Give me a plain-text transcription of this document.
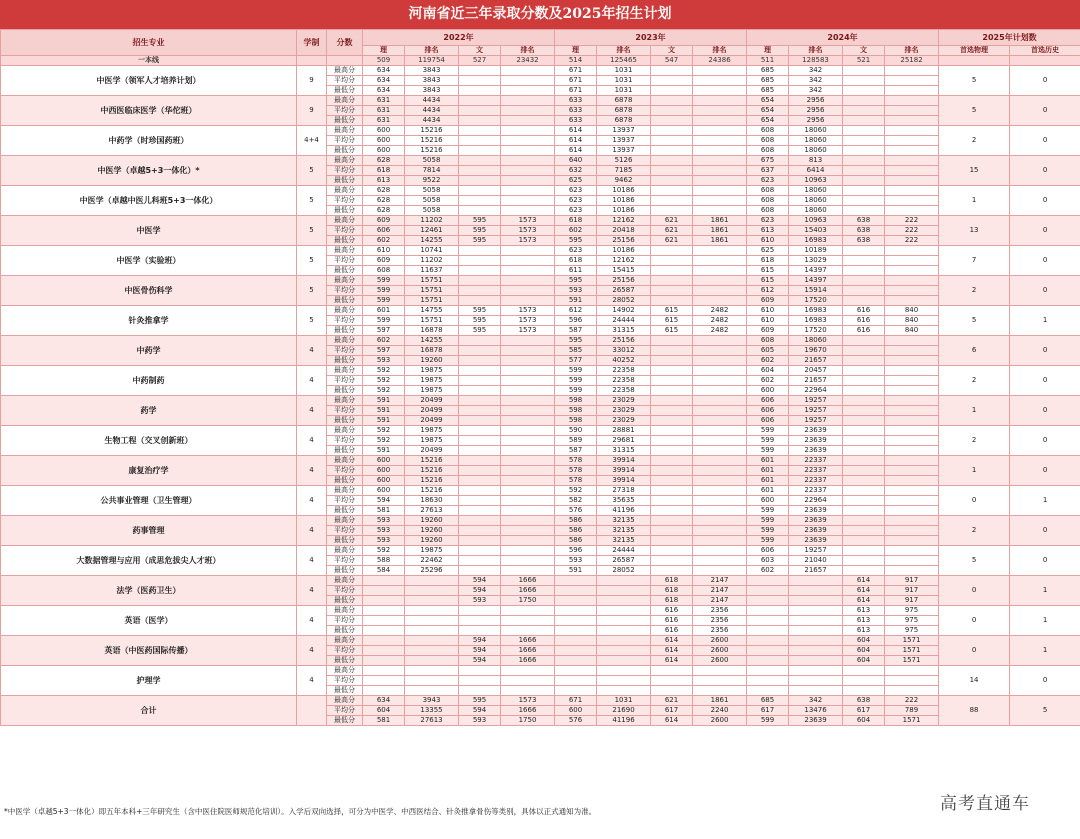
河南省近三年录取分数及2025年招生计划
招生专业	学制	分数	2022年				2023年				2024年				2025年计划数	
			理	排名	文	排名	理	排名	文	排名	理	排名	文	排名	首选物理	首选历史
一本线			509	119754	527	23432	514	125465	547	24386	511	128583	521	25182		
中医学（领军人才培养计划）	9	最高分	634	3843			671	1031			685	342			5	0
		平均分	634	3843			671	1031			685	342				
		最低分	634	3843			671	1031			685	342				
中西医临床医学（华佗班）	9	最高分	631	4434			633	6878			654	2956			5	0
		平均分	631	4434			633	6878			654	2956				
		最低分	631	4434			633	6878			654	2956				
中药学（时珍国药班）	4+4	最高分	600	15216			614	13937			608	18060			2	0
		平均分	600	15216			614	13937			608	18060				
		最低分	600	15216			614	13937			608	18060				
中医学（卓越5+3一体化）*	5	最高分	628	5058			640	5126			675	813			15	0
		平均分	618	7814			632	7185			637	6414				
		最低分	613	9522			625	9462			623	10963				
中医学（卓越中医儿科班5+3一体化）	5	最高分	628	5058			623	10186			608	18060			1	0
		平均分	628	5058			623	10186			608	18060				
		最低分	628	5058			623	10186			608	18060				
中医学	5	最高分	609	11202	595	1573	618	12162	621	1861	623	10963	638	222	13	0
		平均分	606	12461	595	1573	602	20418	621	1861	613	15403	638	222		
		最低分	602	14255	595	1573	595	25156	621	1861	610	16983	638	222		
中医学（实验班）	5	最高分	610	10741			623	10186			625	10189			7	0
		平均分	609	11202			618	12162			618	13029				
		最低分	608	11637			611	15415			615	14397				
中医骨伤科学	5	最高分	599	15751			595	25156			615	14397			2	0
		平均分	599	15751			593	26587			612	15914				
		最低分	599	15751			591	28052			609	17520				
针灸推拿学	5	最高分	601	14755	595	1573	612	14902	615	2482	610	16983	616	840	5	1
		平均分	599	15751	595	1573	596	24444	615	2482	610	16983	616	840		
		最低分	597	16878	595	1573	587	31315	615	2482	609	17520	616	840		
中药学	4	最高分	602	14255			595	25156			608	18060			6	0
		平均分	597	16878			585	33012			605	19670				
		最低分	593	19260			577	40252			602	21657				
中药制药	4	最高分	592	19875			599	22358			604	20457			2	0
		平均分	592	19875			599	22358			602	21657				
		最低分	592	19875			599	22358			600	22964				
药学	4	最高分	591	20499			598	23029			606	19257			1	0
		平均分	591	20499			598	23029			606	19257				
		最低分	591	20499			598	23029			606	19257				
生物工程（交叉创新班）	4	最高分	592	19875			590	28881			599	23639			2	0
		平均分	592	19875			589	29681			599	23639				
		最低分	591	20499			587	31315			599	23639				
康复治疗学	4	最高分	600	15216			578	39914			601	22337			1	0
		平均分	600	15216			578	39914			601	22337				
		最低分	600	15216			578	39914			601	22337				
公共事业管理（卫生管理）	4	最高分	600	15216			592	27318			601	22337			0	1
		平均分	594	18630			582	35635			600	22964				
		最低分	581	27613			576	41196			599	23639				
药事管理	4	最高分	593	19260			586	32135			599	23639			2	0
		平均分	593	19260			586	32135			599	23639				
		最低分	593	19260			586	32135			599	23639				
大数据管理与应用（成思危拔尖人才班）	4	最高分	592	19875			596	24444			606	19257			5	0
		平均分	588	22462			593	26587			603	21040				
		最低分	584	25296			591	28052			602	21657				
法学（医药卫生）	4	最高分			594	1666			618	2147			614	917	0	1
		平均分			594	1666			618	2147			614	917		
		最低分			593	1750			618	2147			614	917		
英语（医学）	4	最高分							616	2356			613	975	0	1
		平均分							616	2356			613	975		
		最低分							616	2356			613	975		
英语（中医药国际传播）	4	最高分			594	1666			614	2600			604	1571	0	1
		平均分			594	1666			614	2600			604	1571		
		最低分			594	1666			614	2600			604	1571		
护理学	4	最高分													14	0
		平均分														
		最低分														
合计		最高分	634	3943	595	1573	671	1031	621	1861	685	342	638	222	88	5
		平均分	604	13355	594	1666	600	21690	617	2240	617	13476	617	789		
		最低分	581	27613	593	1750	576	41196	614	2600	599	23639	604	1571		
*中医学（卓越5+3一体化）即五年本科+三年研究生（含中医住院医师规范化培训）。入学后双向选择，可分为中医学、中西医结合、针灸推拿骨伤等类别，具体以正式通知为准。	高考直通车
